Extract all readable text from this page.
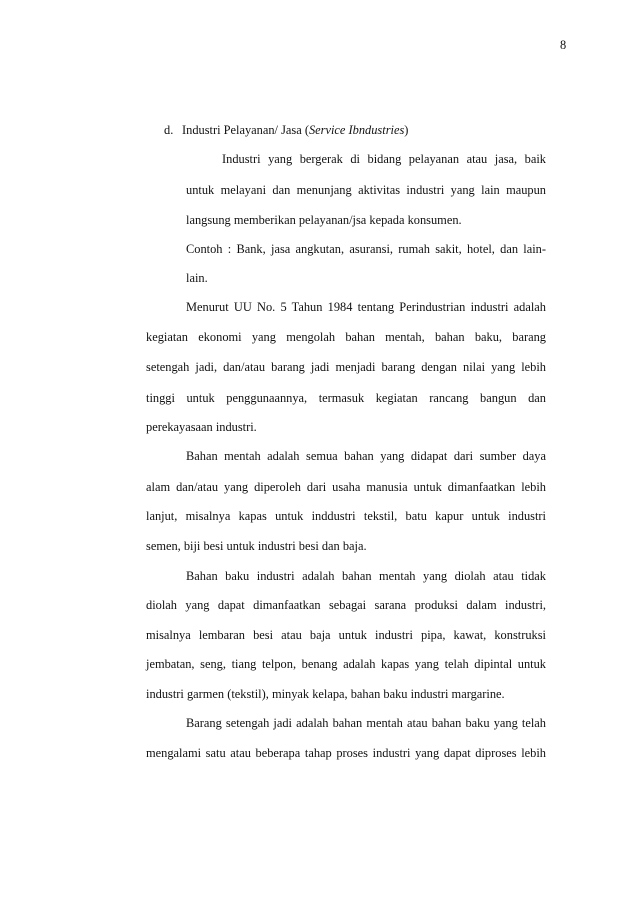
8
d. Industri Pelayanan/ Jasa (Service Ibndustries)
Industri yang bergerak di bidang pelayanan atau jasa, baik
untuk melayani dan menunjang aktivitas industri yang lain maupun
langsung memberikan pelayanan/jsa kepada konsumen.
Contoh : Bank, jasa angkutan, asuransi, rumah sakit, hotel, dan lain-
lain.
Menurut UU No. 5 Tahun 1984 tentang Perindustrian industri adalah
kegiatan ekonomi yang mengolah bahan mentah, bahan baku, barang
setengah jadi, dan/atau barang jadi menjadi barang dengan nilai yang lebih
tinggi untuk penggunaannya, termasuk kegiatan rancang bangun dan
perekayasaan industri.
Bahan mentah adalah semua bahan yang didapat dari sumber daya
alam dan/atau yang diperoleh dari usaha manusia untuk dimanfaatkan lebih
lanjut, misalnya kapas untuk inddustri tekstil, batu kapur untuk industri
semen, biji besi untuk industri besi dan baja.
Bahan baku industri adalah bahan mentah yang diolah atau tidak
diolah yang dapat dimanfaatkan sebagai sarana produksi dalam industri,
misalnya lembaran besi atau baja untuk industri pipa, kawat, konstruksi
jembatan, seng, tiang telpon, benang adalah kapas yang telah dipintal untuk
industri garmen (tekstil), minyak kelapa, bahan baku industri margarine.
Barang setengah jadi adalah bahan mentah atau bahan baku yang telah
mengalami satu atau beberapa tahap proses industri yang dapat diproses lebih
